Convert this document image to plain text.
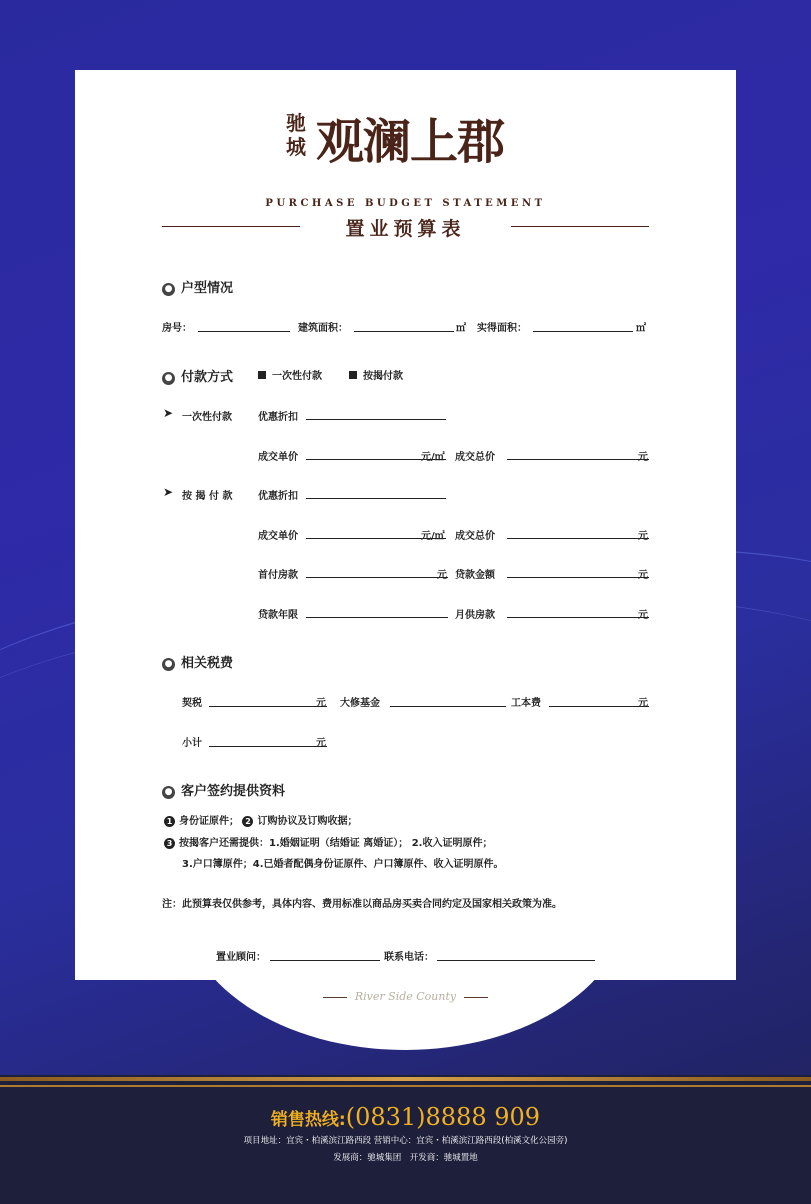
驰城 观澜上郡
PURCHASE BUDGET STATEMENT
置业预算表
● 户型情况
房号：	建筑面积：	㎡ 实得面积：	㎡
● 付款方式	一次性付款	按揭付款
➤ 一次性付款	优惠折扣
成交单价	元/㎡ 成交总价	元
➤ 按 揭 付 款	优惠折扣
成交单价	元/㎡ 成交总价	元
首付房款	元 贷款金额	元
贷款年限	月供房款	元
● 相关税费
契税	元 大修基金	工本费	元
小计	元
● 客户签约提供资料
1 身份证原件； 2 订购协议及订购收据；
3 按揭客户还需提供：1.婚姻证明（结婚证 离婚证）； 2.收入证明原件；
3.户口簿原件；4.已婚者配偶身份证原件、户口簿原件、收入证明原件。
注：此预算表仅供参考，具体内容、费用标准以商品房买卖合同约定及国家相关政策为准。
置业顾问：	联系电话：
River Side County
销售热线:(0831)8888 909
项目地址：宜宾・柏溪滨江路西段 营销中心：宜宾・柏溪滨江路西段(柏溪文化公园旁)
发展商：驰城集团　开发商：驰城置地
